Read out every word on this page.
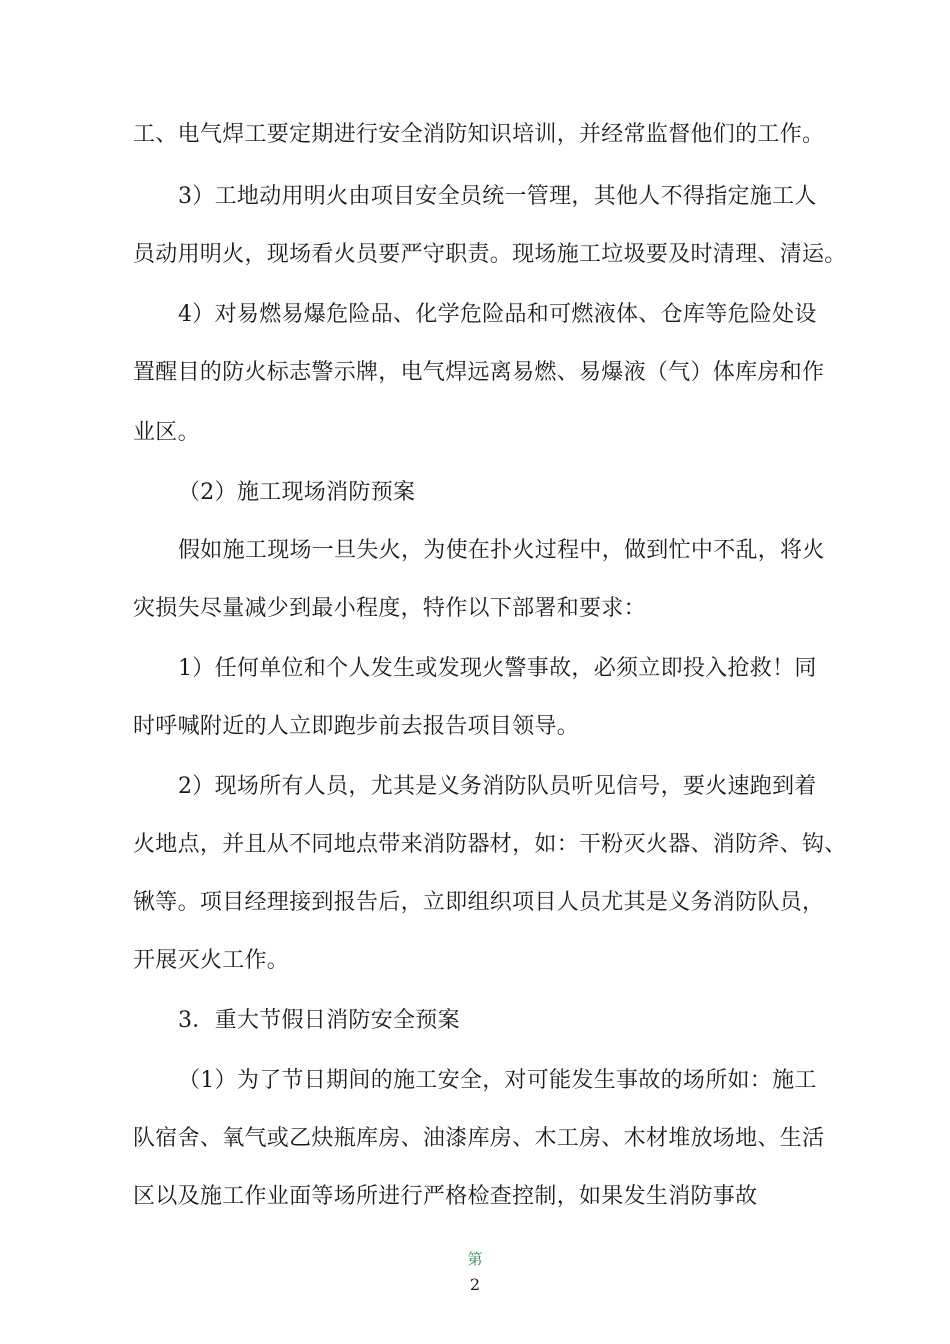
工、电气焊工要定期进行安全消防知识培训，并经常监督他们的工作。
3）工地动用明火由项目安全员统一管理，其他人不得指定施工人
员动用明火，现场看火员要严守职责。现场施工垃圾要及时清理、清运。
4）对易燃易爆危险品、化学危险品和可燃液体、仓库等危险处设
置醒目的防火标志警示牌，电气焊远离易燃、易爆液（气）体库房和作
业区。
（2）施工现场消防预案
假如施工现场一旦失火，为使在扑火过程中，做到忙中不乱，将火
灾损失尽量减少到最小程度，特作以下部署和要求：
1）任何单位和个人发生或发现火警事故，必须立即投入抢救！同
时呼喊附近的人立即跑步前去报告项目领导。
2）现场所有人员，尤其是义务消防队员听见信号，要火速跑到着
火地点，并且从不同地点带来消防器材，如：干粉灭火器、消防斧、钩、
锹等。项目经理接到报告后，立即组织项目人员尤其是义务消防队员，
开展灭火工作。
3．重大节假日消防安全预案
（1）为了节日期间的施工安全，对可能发生事故的场所如：施工
队宿舍、氧气或乙炔瓶库房、油漆库房、木工房、木材堆放场地、生活
区以及施工作业面等场所进行严格检查控制，如果发生消防事故
第
2
